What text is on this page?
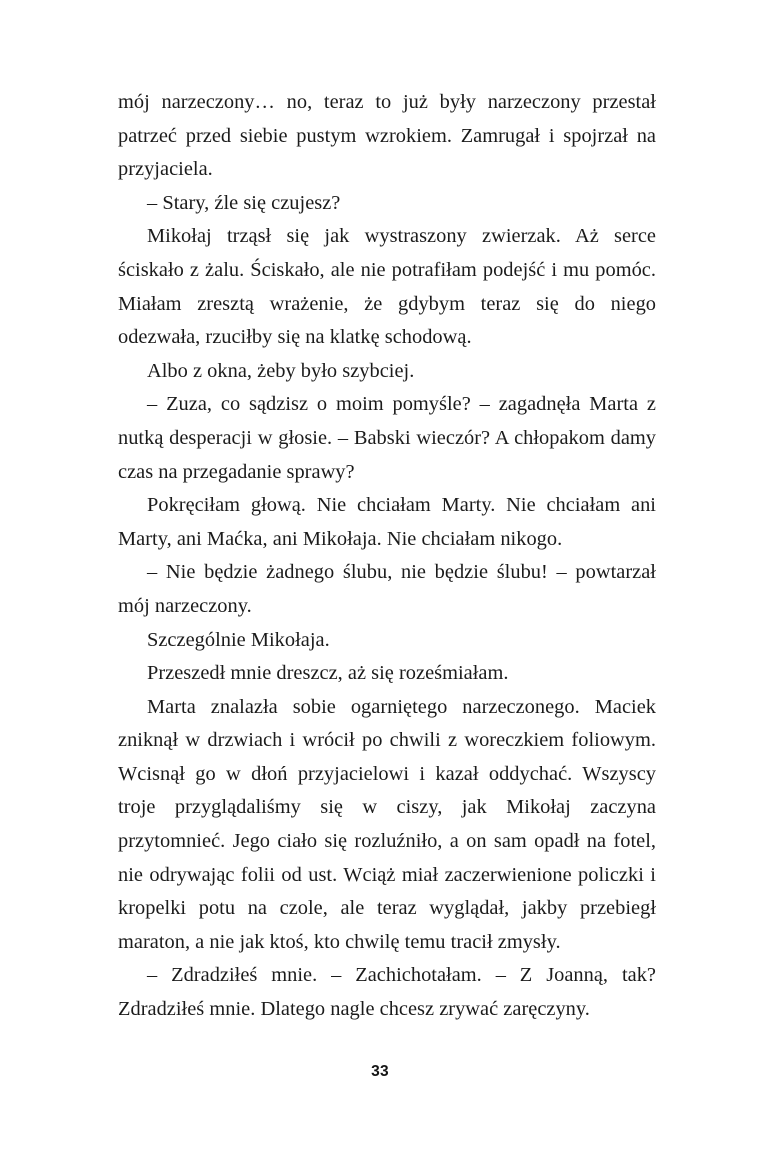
mój narzeczony… no, teraz to już były narzeczony przestał patrzeć przed siebie pustym wzrokiem. Zamrugał i spojrzał na przyjaciela.

– Stary, źle się czujesz?

Mikołaj trząsł się jak wystraszony zwierzak. Aż serce ściskało z żalu. Ściskało, ale nie potrafiłam podejść i mu pomóc. Miałam zresztą wrażenie, że gdybym teraz się do niego odezwała, rzuciłby się na klatkę schodową.

Albo z okna, żeby było szybciej.

– Zuza, co sądzisz o moim pomyśle? – zagadnęła Marta z nutką desperacji w głosie. – Babski wieczór? A chłopakom damy czas na przegadanie sprawy?

Pokręciłam głową. Nie chciałam Marty. Nie chciałam ani Marty, ani Maćka, ani Mikołaja. Nie chciałam nikogo.

– Nie będzie żadnego ślubu, nie będzie ślubu! – powtarzał mój narzeczony.

Szczególnie Mikołaja.

Przeszedł mnie dreszcz, aż się roześmiałam.

Marta znalazła sobie ogarniętego narzeczonego. Maciek zniknął w drzwiach i wrócił po chwili z woreczkiem foliowym. Wcisnął go w dłoń przyjacielowi i kazał oddychać. Wszyscy troje przyglądaliśmy się w ciszy, jak Mikołaj zaczyna przytomnieć. Jego ciało się rozluźniło, a on sam opadł na fotel, nie odrywając folii od ust. Wciąż miał zaczerwienione policzki i kropelki potu na czole, ale teraz wyglądał, jakby przebiegł maraton, a nie jak ktoś, kto chwilę temu tracił zmysły.

– Zdradziłeś mnie. – Zachichotałam. – Z Joanną, tak? Zdradziłeś mnie. Dlatego nagle chcesz zrywać zaręczyny.

33
